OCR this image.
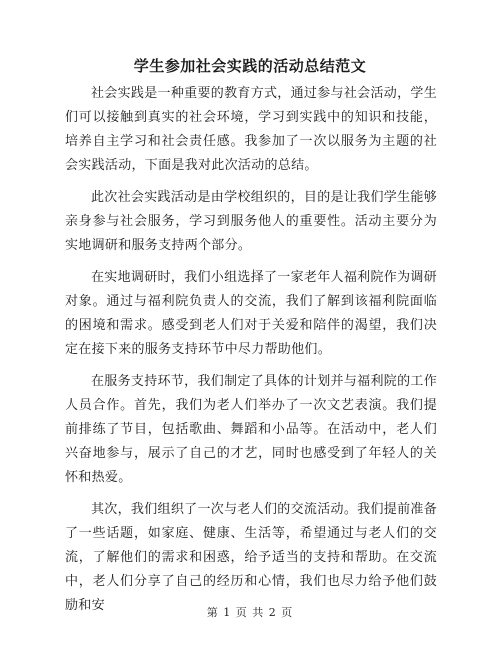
学生参加社会实践的活动总结范文

社会实践是一种重要的教育方式，通过参与社会活动，学生们可以接触到真实的社会环境，学习到实践中的知识和技能，培养自主学习和社会责任感。我参加了一次以服务为主题的社会实践活动，下面是我对此次活动的总结。

此次社会实践活动是由学校组织的，目的是让我们学生能够亲身参与社会服务，学习到服务他人的重要性。活动主要分为实地调研和服务支持两个部分。

在实地调研时，我们小组选择了一家老年人福利院作为调研对象。通过与福利院负责人的交流，我们了解到该福利院面临的困境和需求。感受到老人们对于关爱和陪伴的渴望，我们决定在接下来的服务支持环节中尽力帮助他们。

在服务支持环节，我们制定了具体的计划并与福利院的工作人员合作。首先，我们为老人们举办了一次文艺表演。我们提前排练了节目，包括歌曲、舞蹈和小品等。在活动中，老人们兴奋地参与，展示了自己的才艺，同时也感受到了年轻人的关怀和热爱。

其次，我们组织了一次与老人们的交流活动。我们提前准备了一些话题，如家庭、健康、生活等，希望通过与老人们的交流，了解他们的需求和困惑，给予适当的支持和帮助。在交流中，老人们分享了自己的经历和心情，我们也尽力给予他们鼓励和安	第 1 页 共 2 页
